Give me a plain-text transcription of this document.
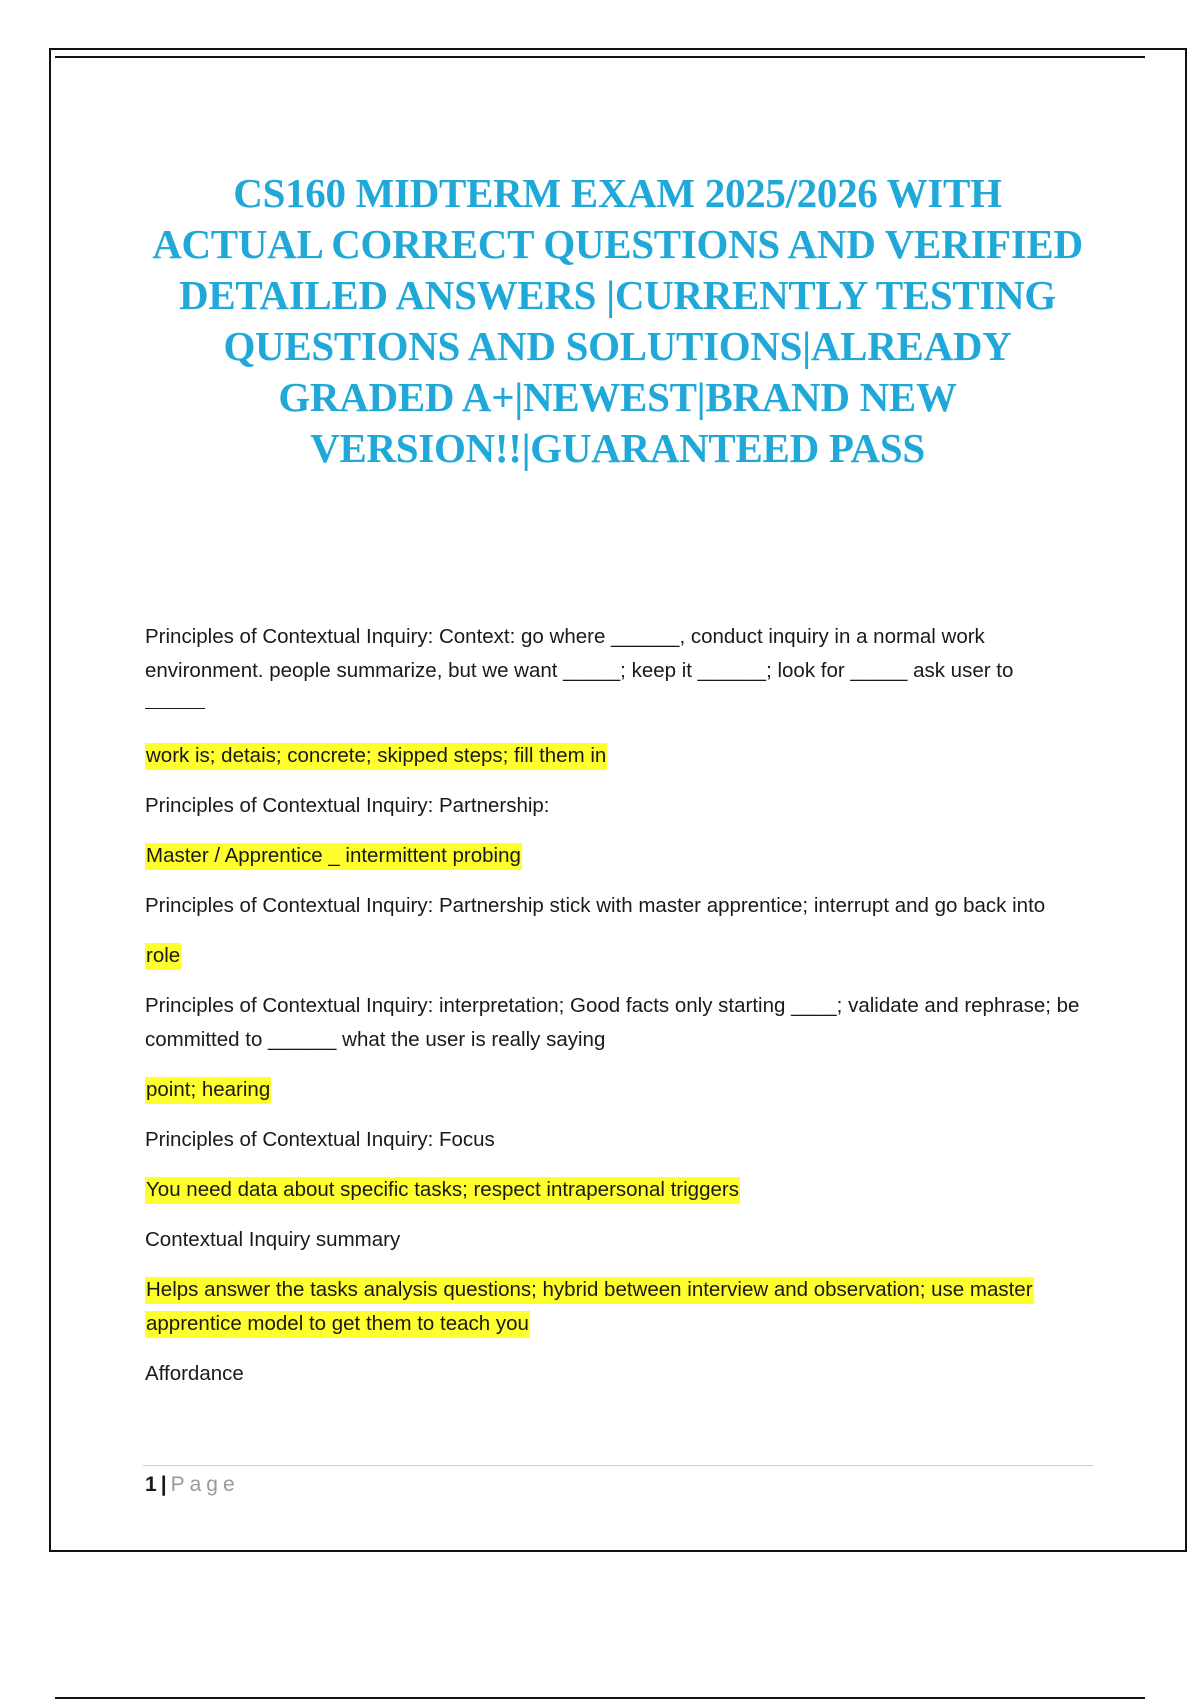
CS160 MIDTERM EXAM 2025/2026 WITH ACTUAL CORRECT QUESTIONS AND VERIFIED DETAILED ANSWERS |CURRENTLY TESTING QUESTIONS AND SOLUTIONS|ALREADY GRADED A+|NEWEST|BRAND NEW VERSION!!|GUARANTEED PASS

Principles of Contextual Inquiry: Context: go where ______, conduct inquiry in a normal work environment. people summarize, but we want _____; keep it ______; look for _____ ask user to

work is; detais; concrete; skipped steps; fill them in

Principles of Contextual Inquiry: Partnership:

Master / Apprentice _ intermittent probing

Principles of Contextual Inquiry: Partnership stick with master apprentice; interrupt and go back into

role

Principles of Contextual Inquiry: interpretation; Good facts only starting ____; validate and rephrase; be committed to ______ what the user is really saying

point; hearing

Principles of Contextual Inquiry: Focus

You need data about specific tasks; respect intrapersonal triggers

Contextual Inquiry summary

Helps answer the tasks analysis questions; hybrid between interview and observation; use master apprentice model to get them to teach you

Affordance

1 | Page
